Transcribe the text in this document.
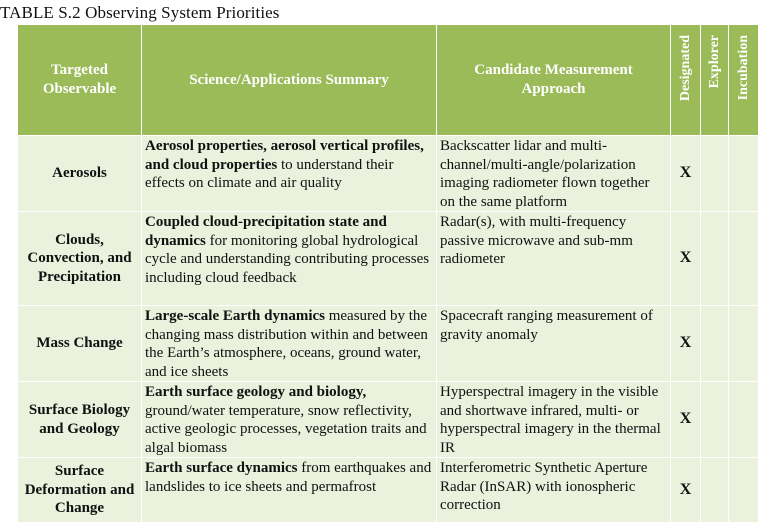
TABLE S.2 Observing System Priorities
Targeted Observable	Science/Applications Summary	Candidate Measurement Approach	Designated	Explorer	Incubation

Aerosols	Aerosol properties, aerosol vertical profiles, and cloud properties to understand their effects on climate and air quality	Backscatter lidar and multi-channel/multi-angle/polarization imaging radiometer flown together on the same platform	X		
Clouds, Convection, and Precipitation	Coupled cloud-precipitation state and dynamics for monitoring global hydrological cycle and understanding contributing processes including cloud feedback	Radar(s), with multi-frequency passive microwave and sub-mm radiometer	X		
Mass Change	Large-scale Earth dynamics measured by the changing mass distribution within and between the Earth’s atmosphere, oceans, ground water, and ice sheets	Spacecraft ranging measurement of gravity anomaly	X		
Surface Biology and Geology	Earth surface geology and biology, ground/water temperature, snow reflectivity, active geologic processes, vegetation traits and algal biomass	Hyperspectral imagery in the visible and shortwave infrared, multi- or hyperspectral imagery in the thermal IR	X		
Surface Deformation and Change	Earth surface dynamics from earthquakes and landslides to ice sheets and permafrost	Interferometric Synthetic Aperture Radar (InSAR) with ionospheric correction	X		
